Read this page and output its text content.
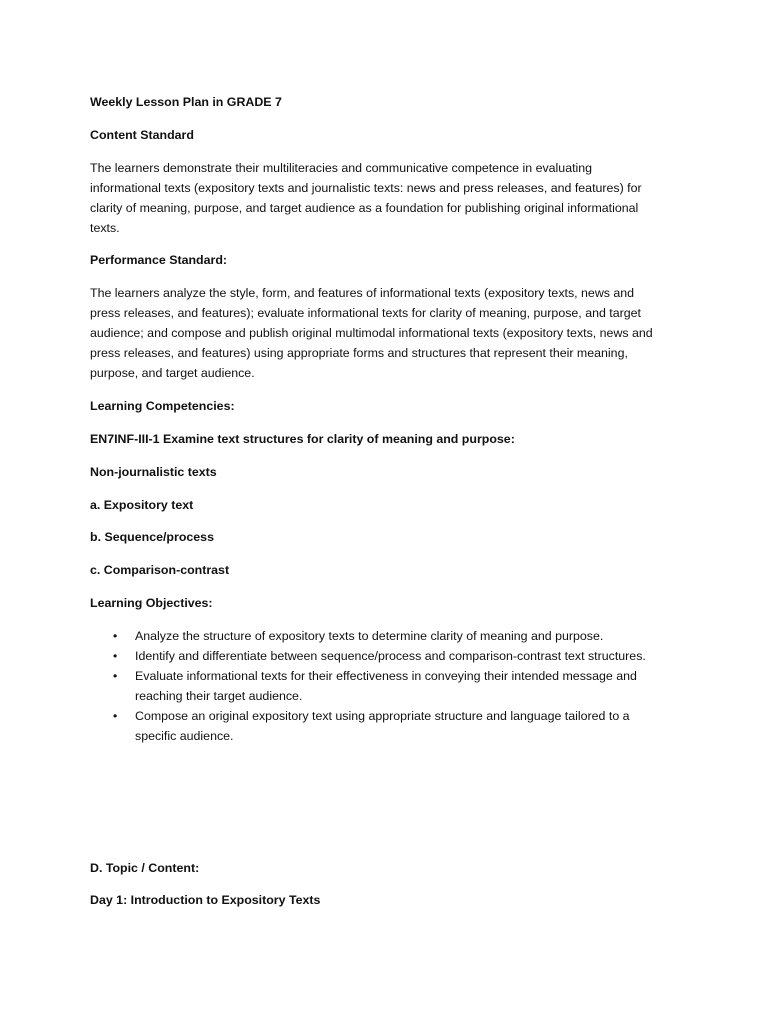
Weekly Lesson Plan in GRADE 7
Content Standard
The learners demonstrate their multiliteracies and communicative competence in evaluating
informational texts (expository texts and journalistic texts: news and press releases, and features) for
clarity of meaning, purpose, and target audience as a foundation for publishing original informational
texts.
Performance Standard:
The learners analyze the style, form, and features of informational texts (expository texts, news and
press releases, and features); evaluate informational texts for clarity of meaning, purpose, and target
audience; and compose and publish original multimodal informational texts (expository texts, news and
press releases, and features) using appropriate forms and structures that represent their meaning,
purpose, and target audience.
Learning Competencies:
EN7INF-III-1 Examine text structures for clarity of meaning and purpose:
Non-journalistic texts
a. Expository text
b. Sequence/process
c. Comparison-contrast
Learning Objectives:
• Analyze the structure of expository texts to determine clarity of meaning and purpose.
• Identify and differentiate between sequence/process and comparison-contrast text structures.
• Evaluate informational texts for their effectiveness in conveying their intended message and
reaching their target audience.
• Compose an original expository text using appropriate structure and language tailored to a
specific audience.
D. Topic / Content:
Day 1: Introduction to Expository Texts
